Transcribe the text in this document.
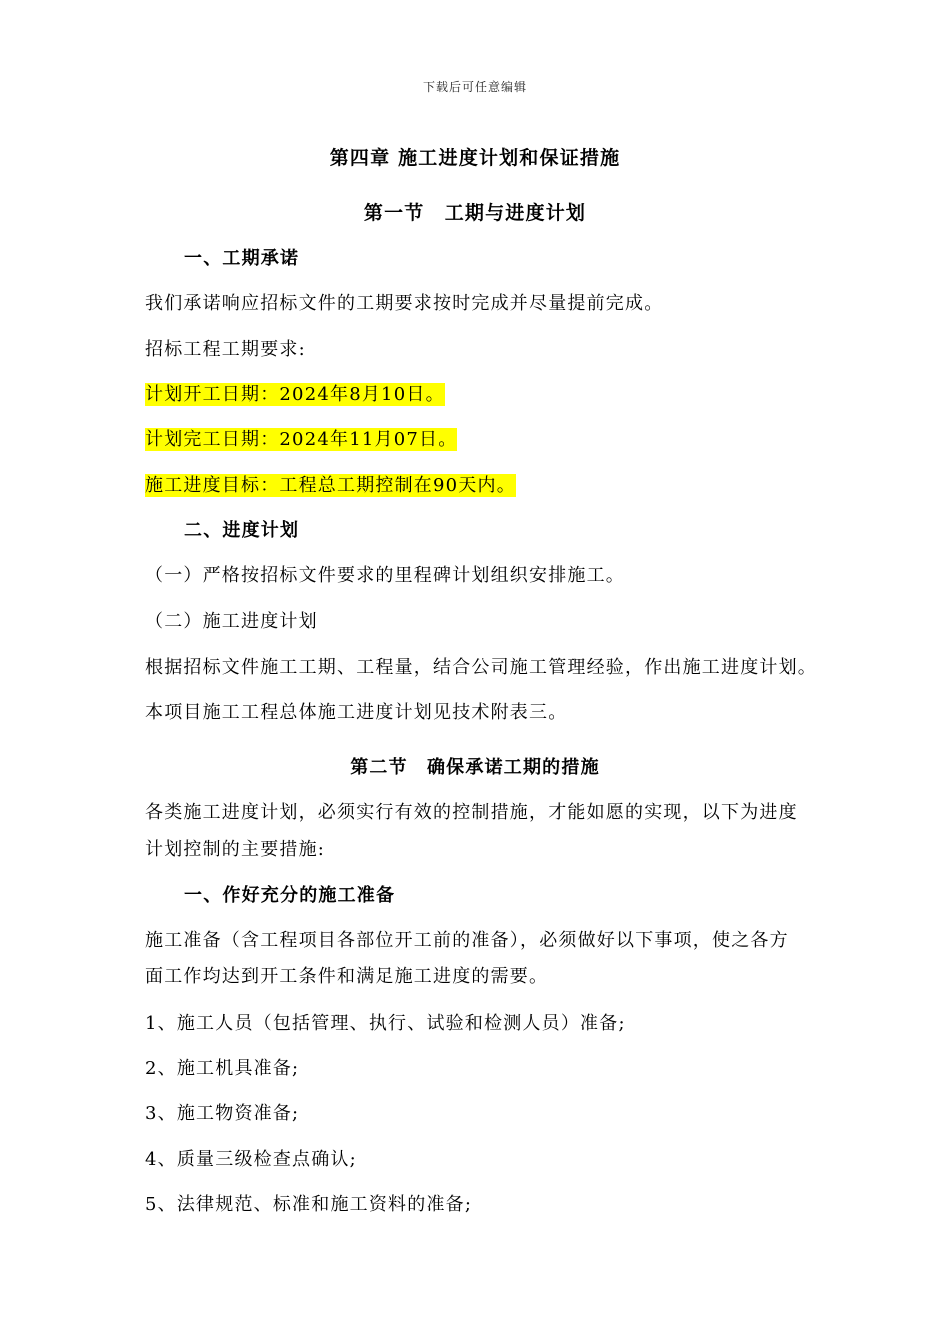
下载后可任意编辑
第四章 施工进度计划和保证措施
第一节　工期与进度计划
一、工期承诺
我们承诺响应招标文件的工期要求按时完成并尽量提前完成。
招标工程工期要求:
计划开工日期：2024年8月10日。
计划完工日期：2024年11月07日。
施工进度目标：工程总工期控制在90天内。
二、进度计划
（一）严格按招标文件要求的里程碑计划组织安排施工。
（二）施工进度计划
根据招标文件施工工期、工程量，结合公司施工管理经验，作出施工进度计划。
本项目施工工程总体施工进度计划见技术附表三。
第二节　确保承诺工期的措施
各类施工进度计划，必须实行有效的控制措施，才能如愿的实现，以下为进度
计划控制的主要措施:
一、作好充分的施工准备
施工准备（含工程项目各部位开工前的准备），必须做好以下事项，使之各方
面工作均达到开工条件和满足施工进度的需要。
1、施工人员（包括管理、执行、试验和检测人员）准备;
2、施工机具准备;
3、施工物资准备;
4、质量三级检查点确认;
5、法律规范、标准和施工资料的准备;
